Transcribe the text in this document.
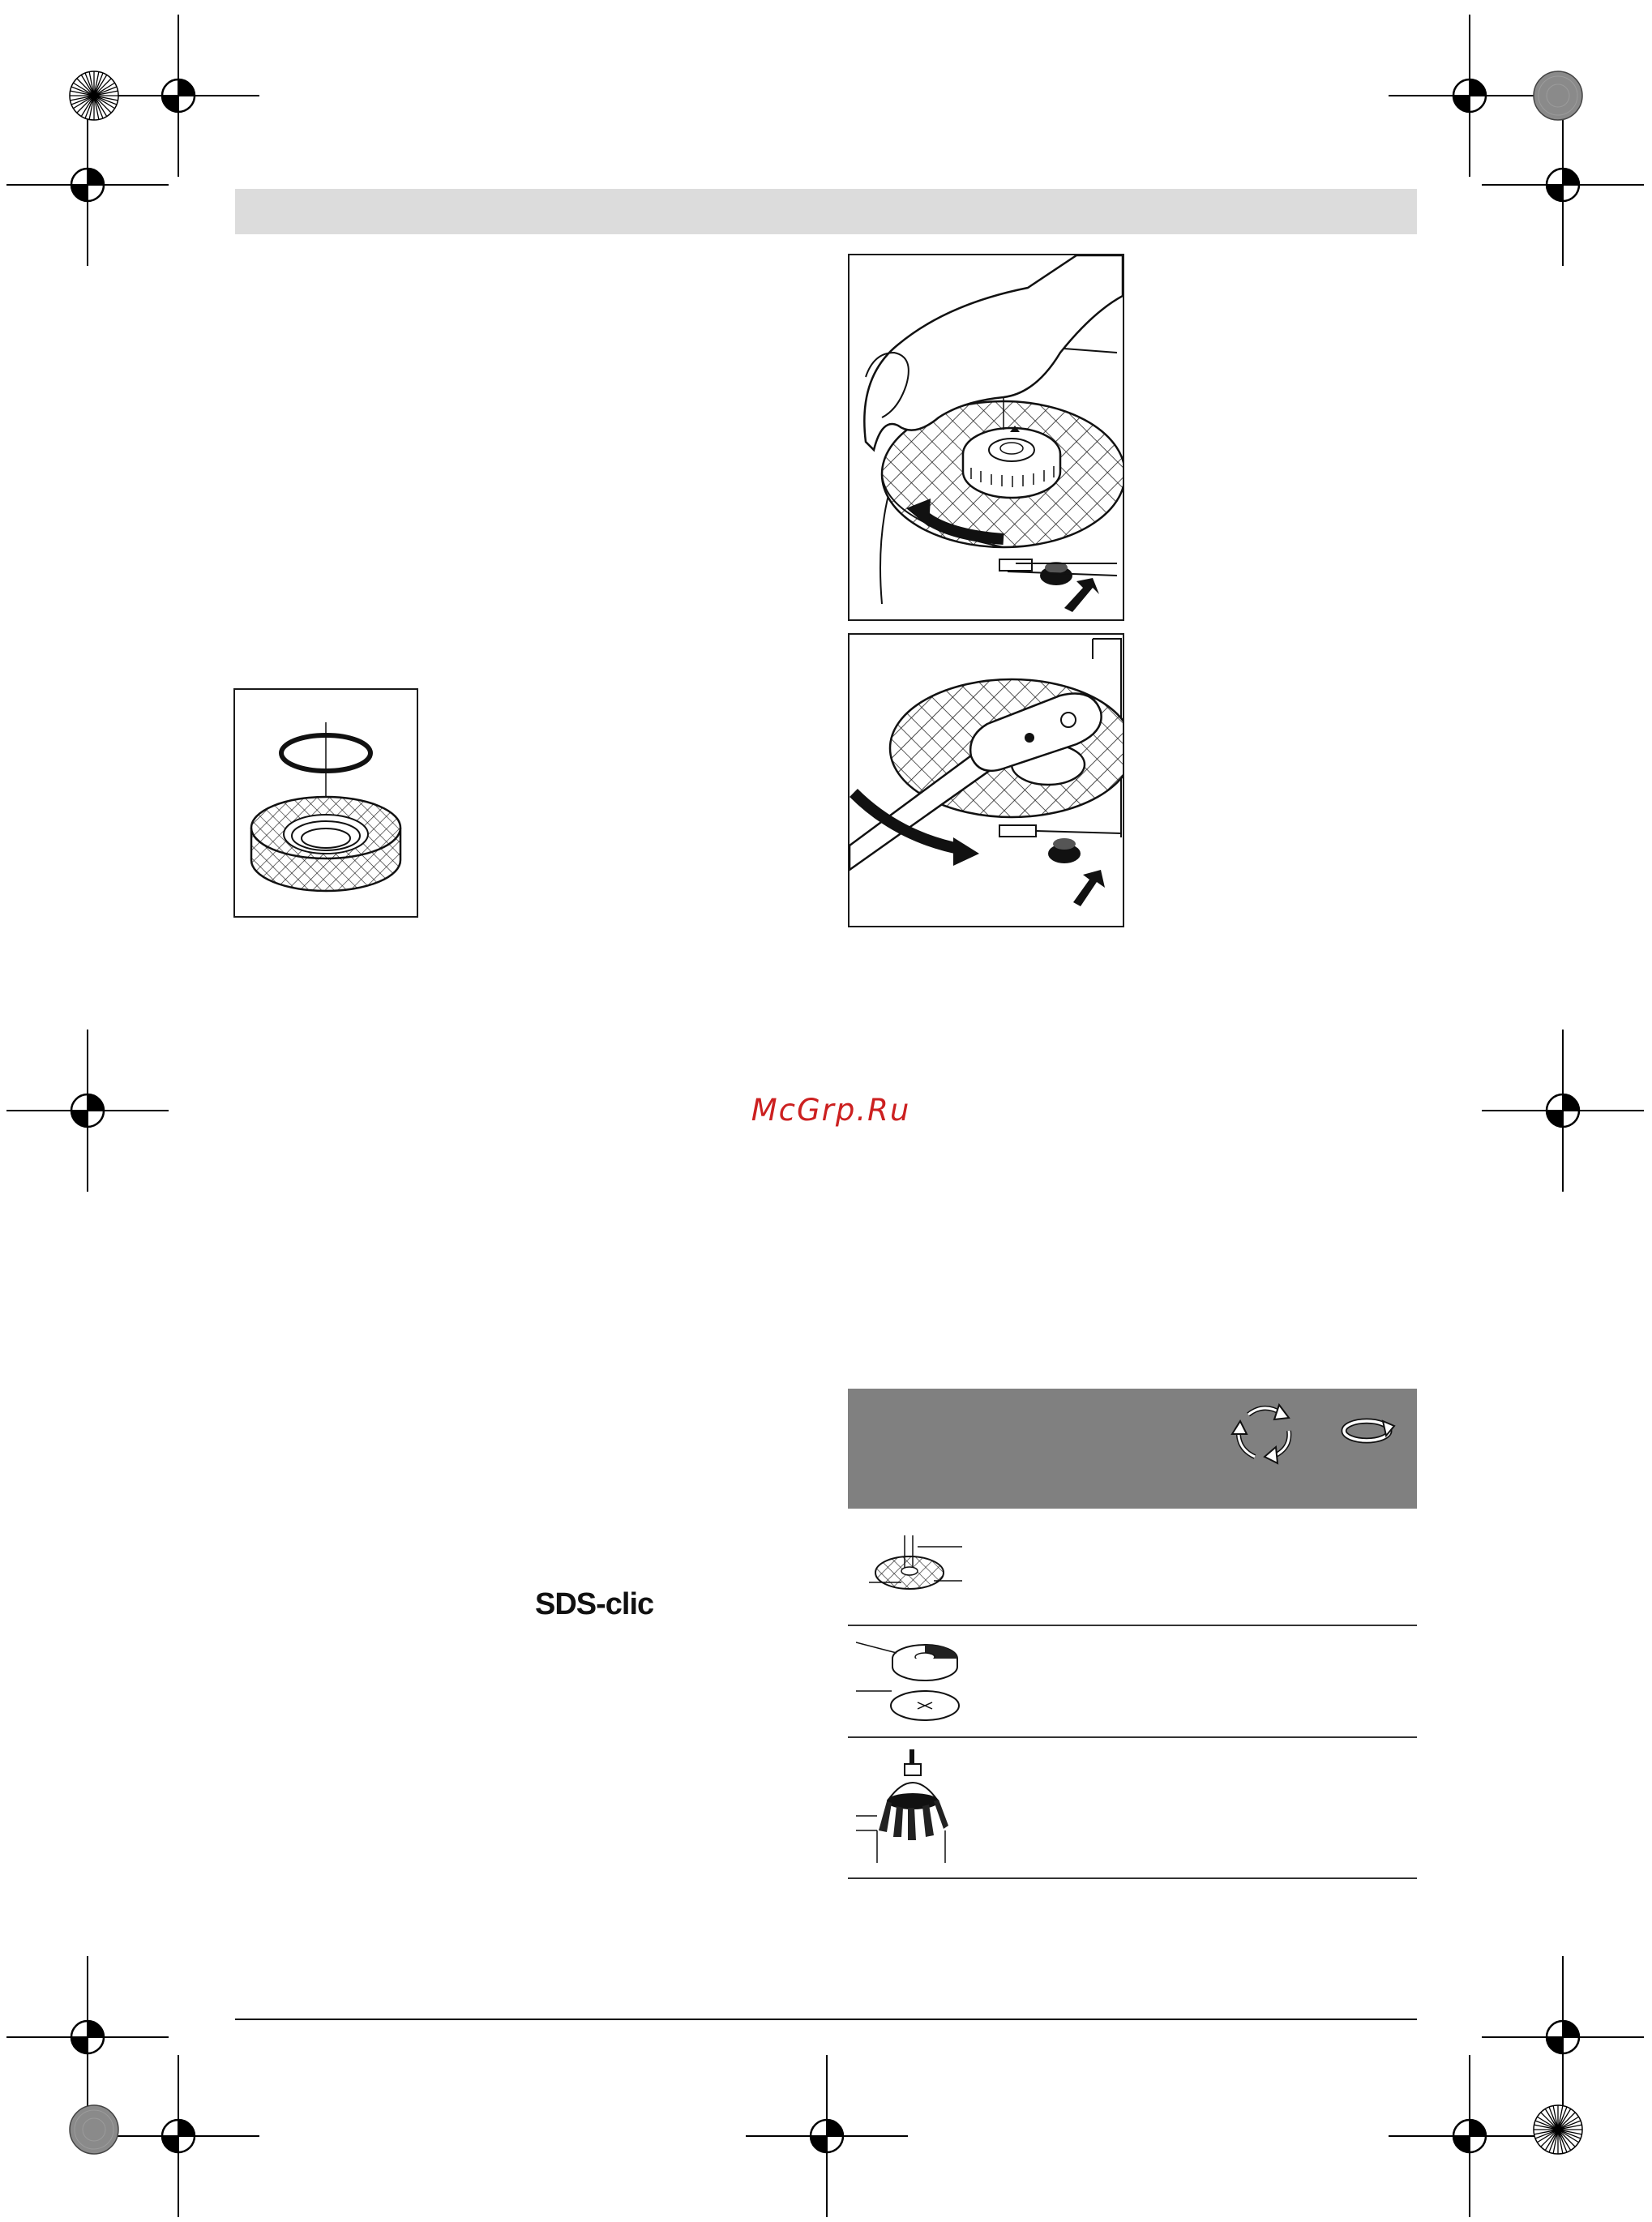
McGrp.Ru
SDS-clic
